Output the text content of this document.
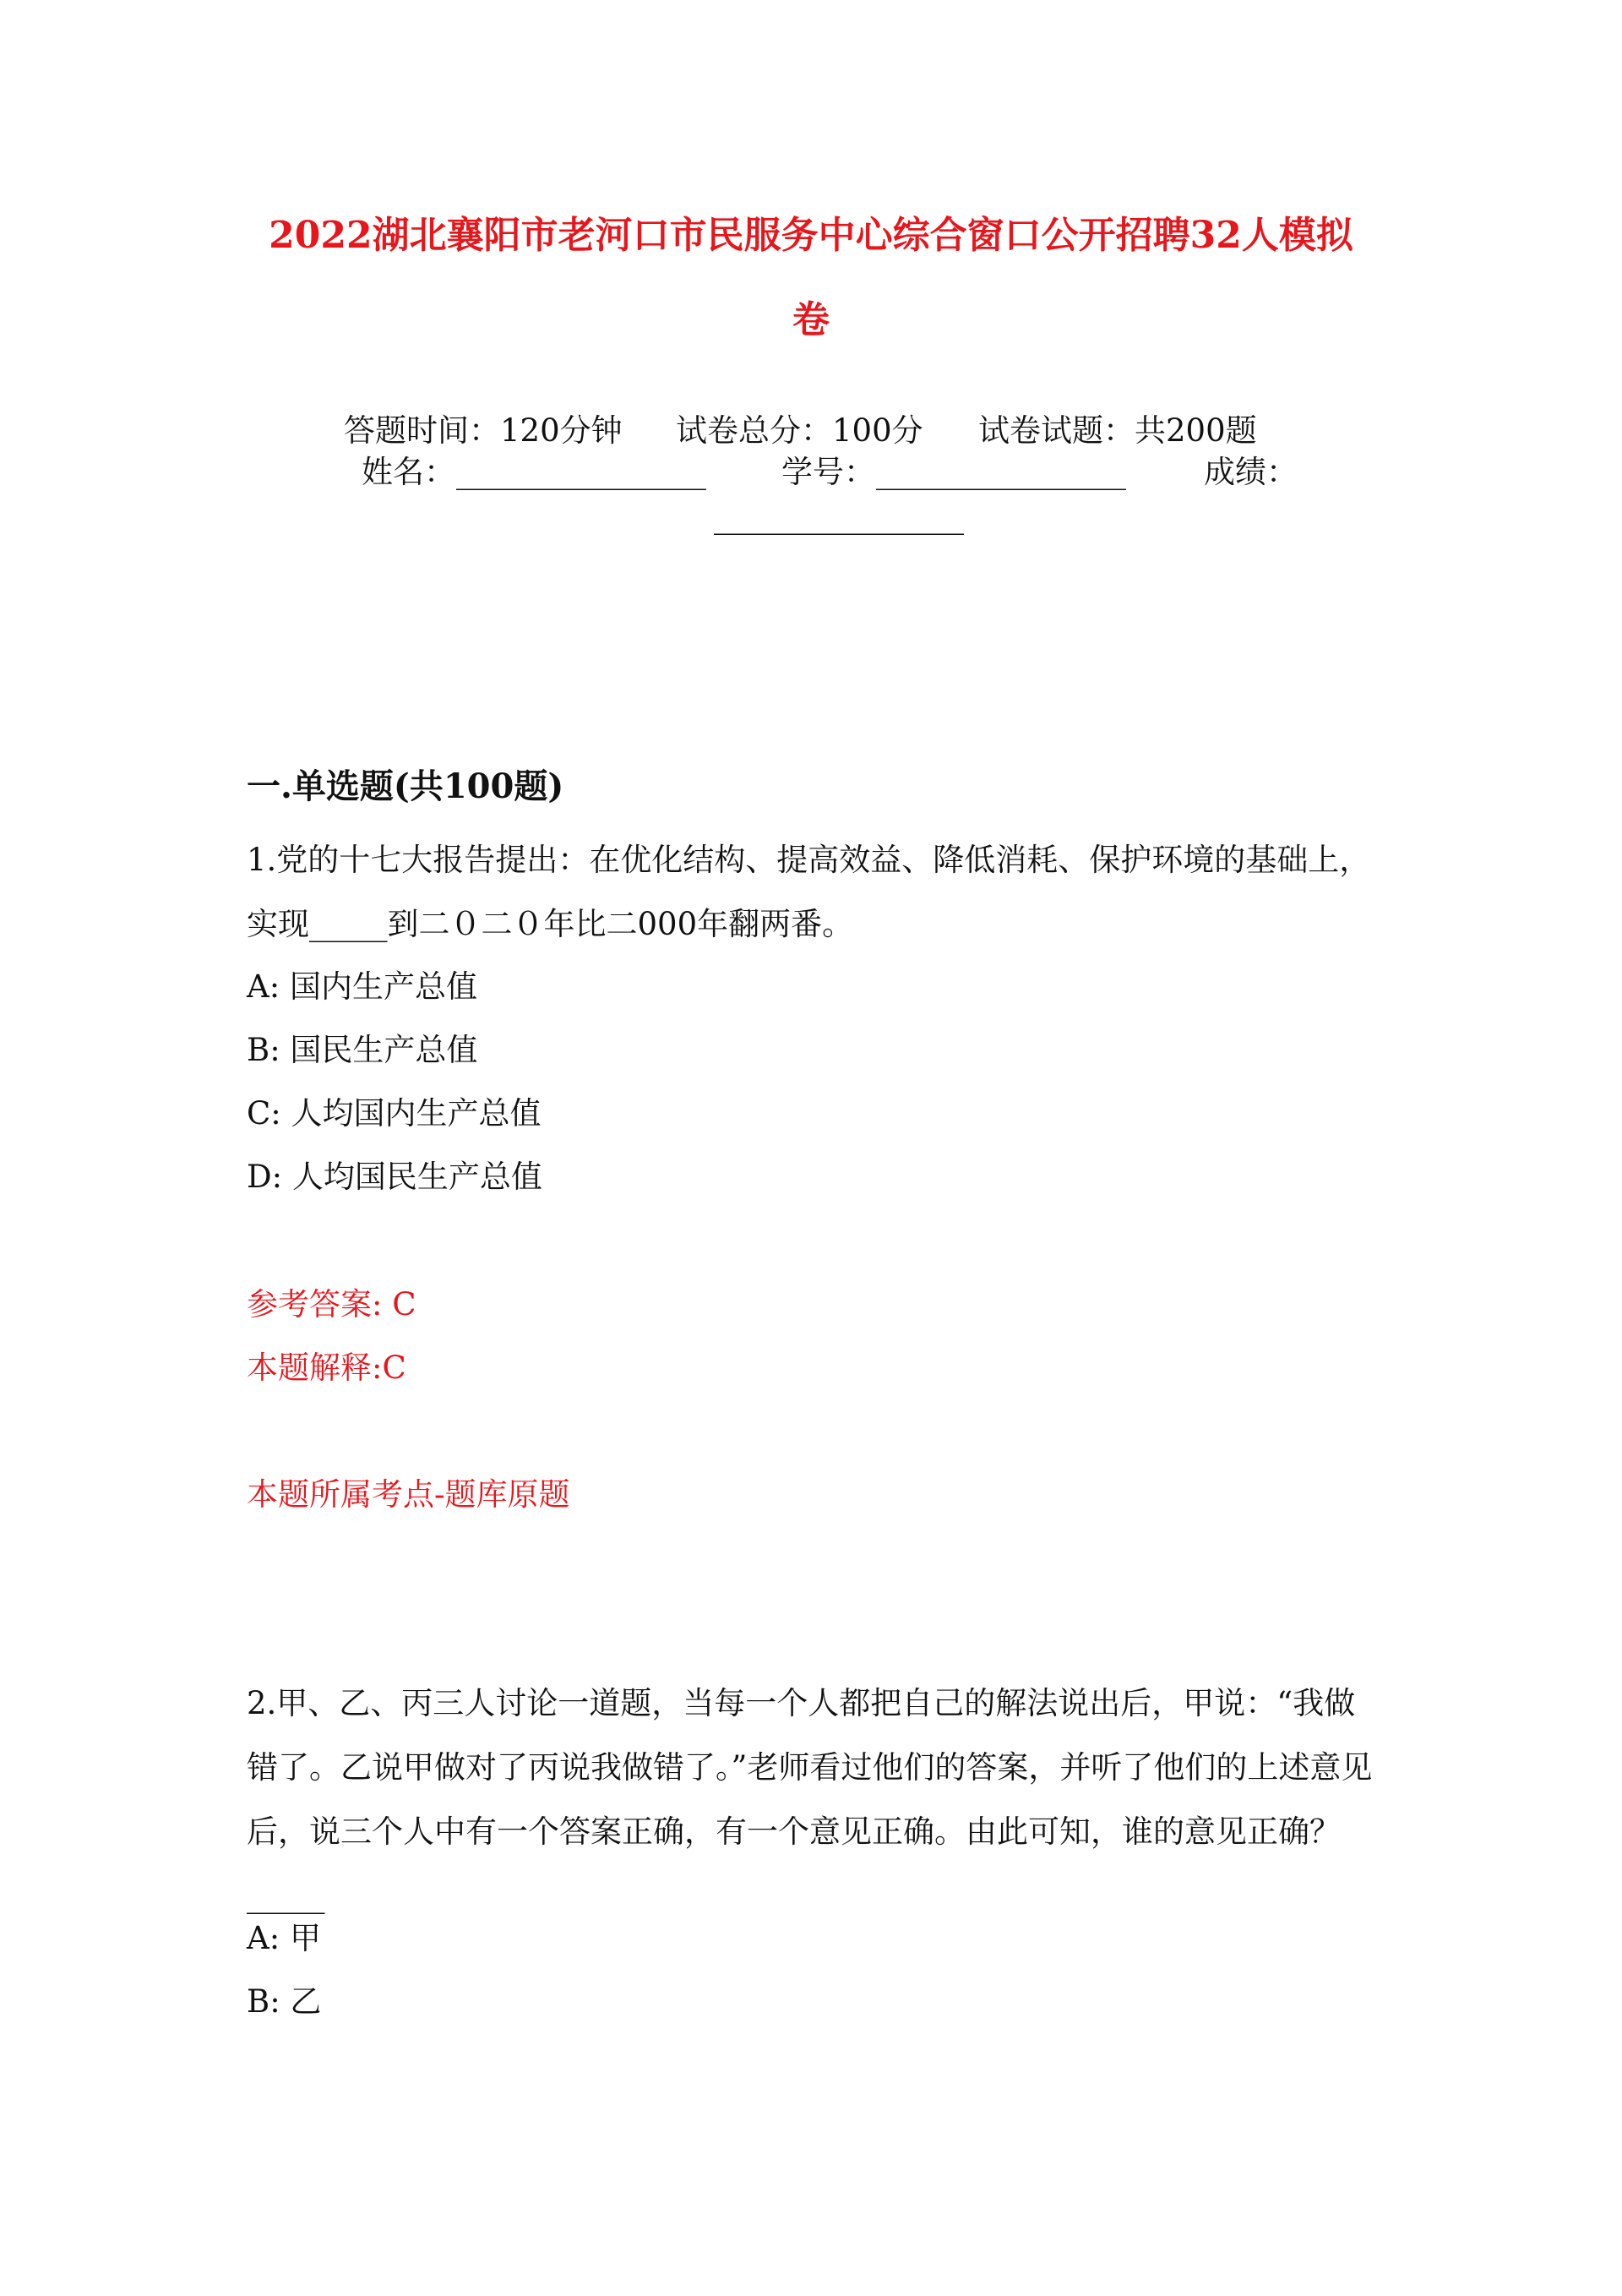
2022湖北襄阳市老河口市民服务中心综合窗口公开招聘32人模拟
卷
答题时间：120分钟 试卷总分：100分 试卷试题：共200题
姓名： ________________ 学号： ________________ 成绩：
________________
一.单选题(共100题)
1.党的十七大报告提出：在优化结构、提高效益、降低消耗、保护环境的基础上，实现_____到二０二０年比二000年翻两番。
A: 国内生产总值
B: 国民生产总值
C: 人均国内生产总值
D: 人均国民生产总值
参考答案: C
本题解释:C
本题所属考点-题库原题
2.甲、乙、丙三人讨论一道题，当每一个人都把自己的解法说出后，甲说：“我做错了。乙说甲做对了丙说我做错了。”老师看过他们的答案，并听了他们的上述意见后，说三个人中有一个答案正确，有一个意见正确。由此可知，谁的意见正确？_____
A: 甲
B: 乙
